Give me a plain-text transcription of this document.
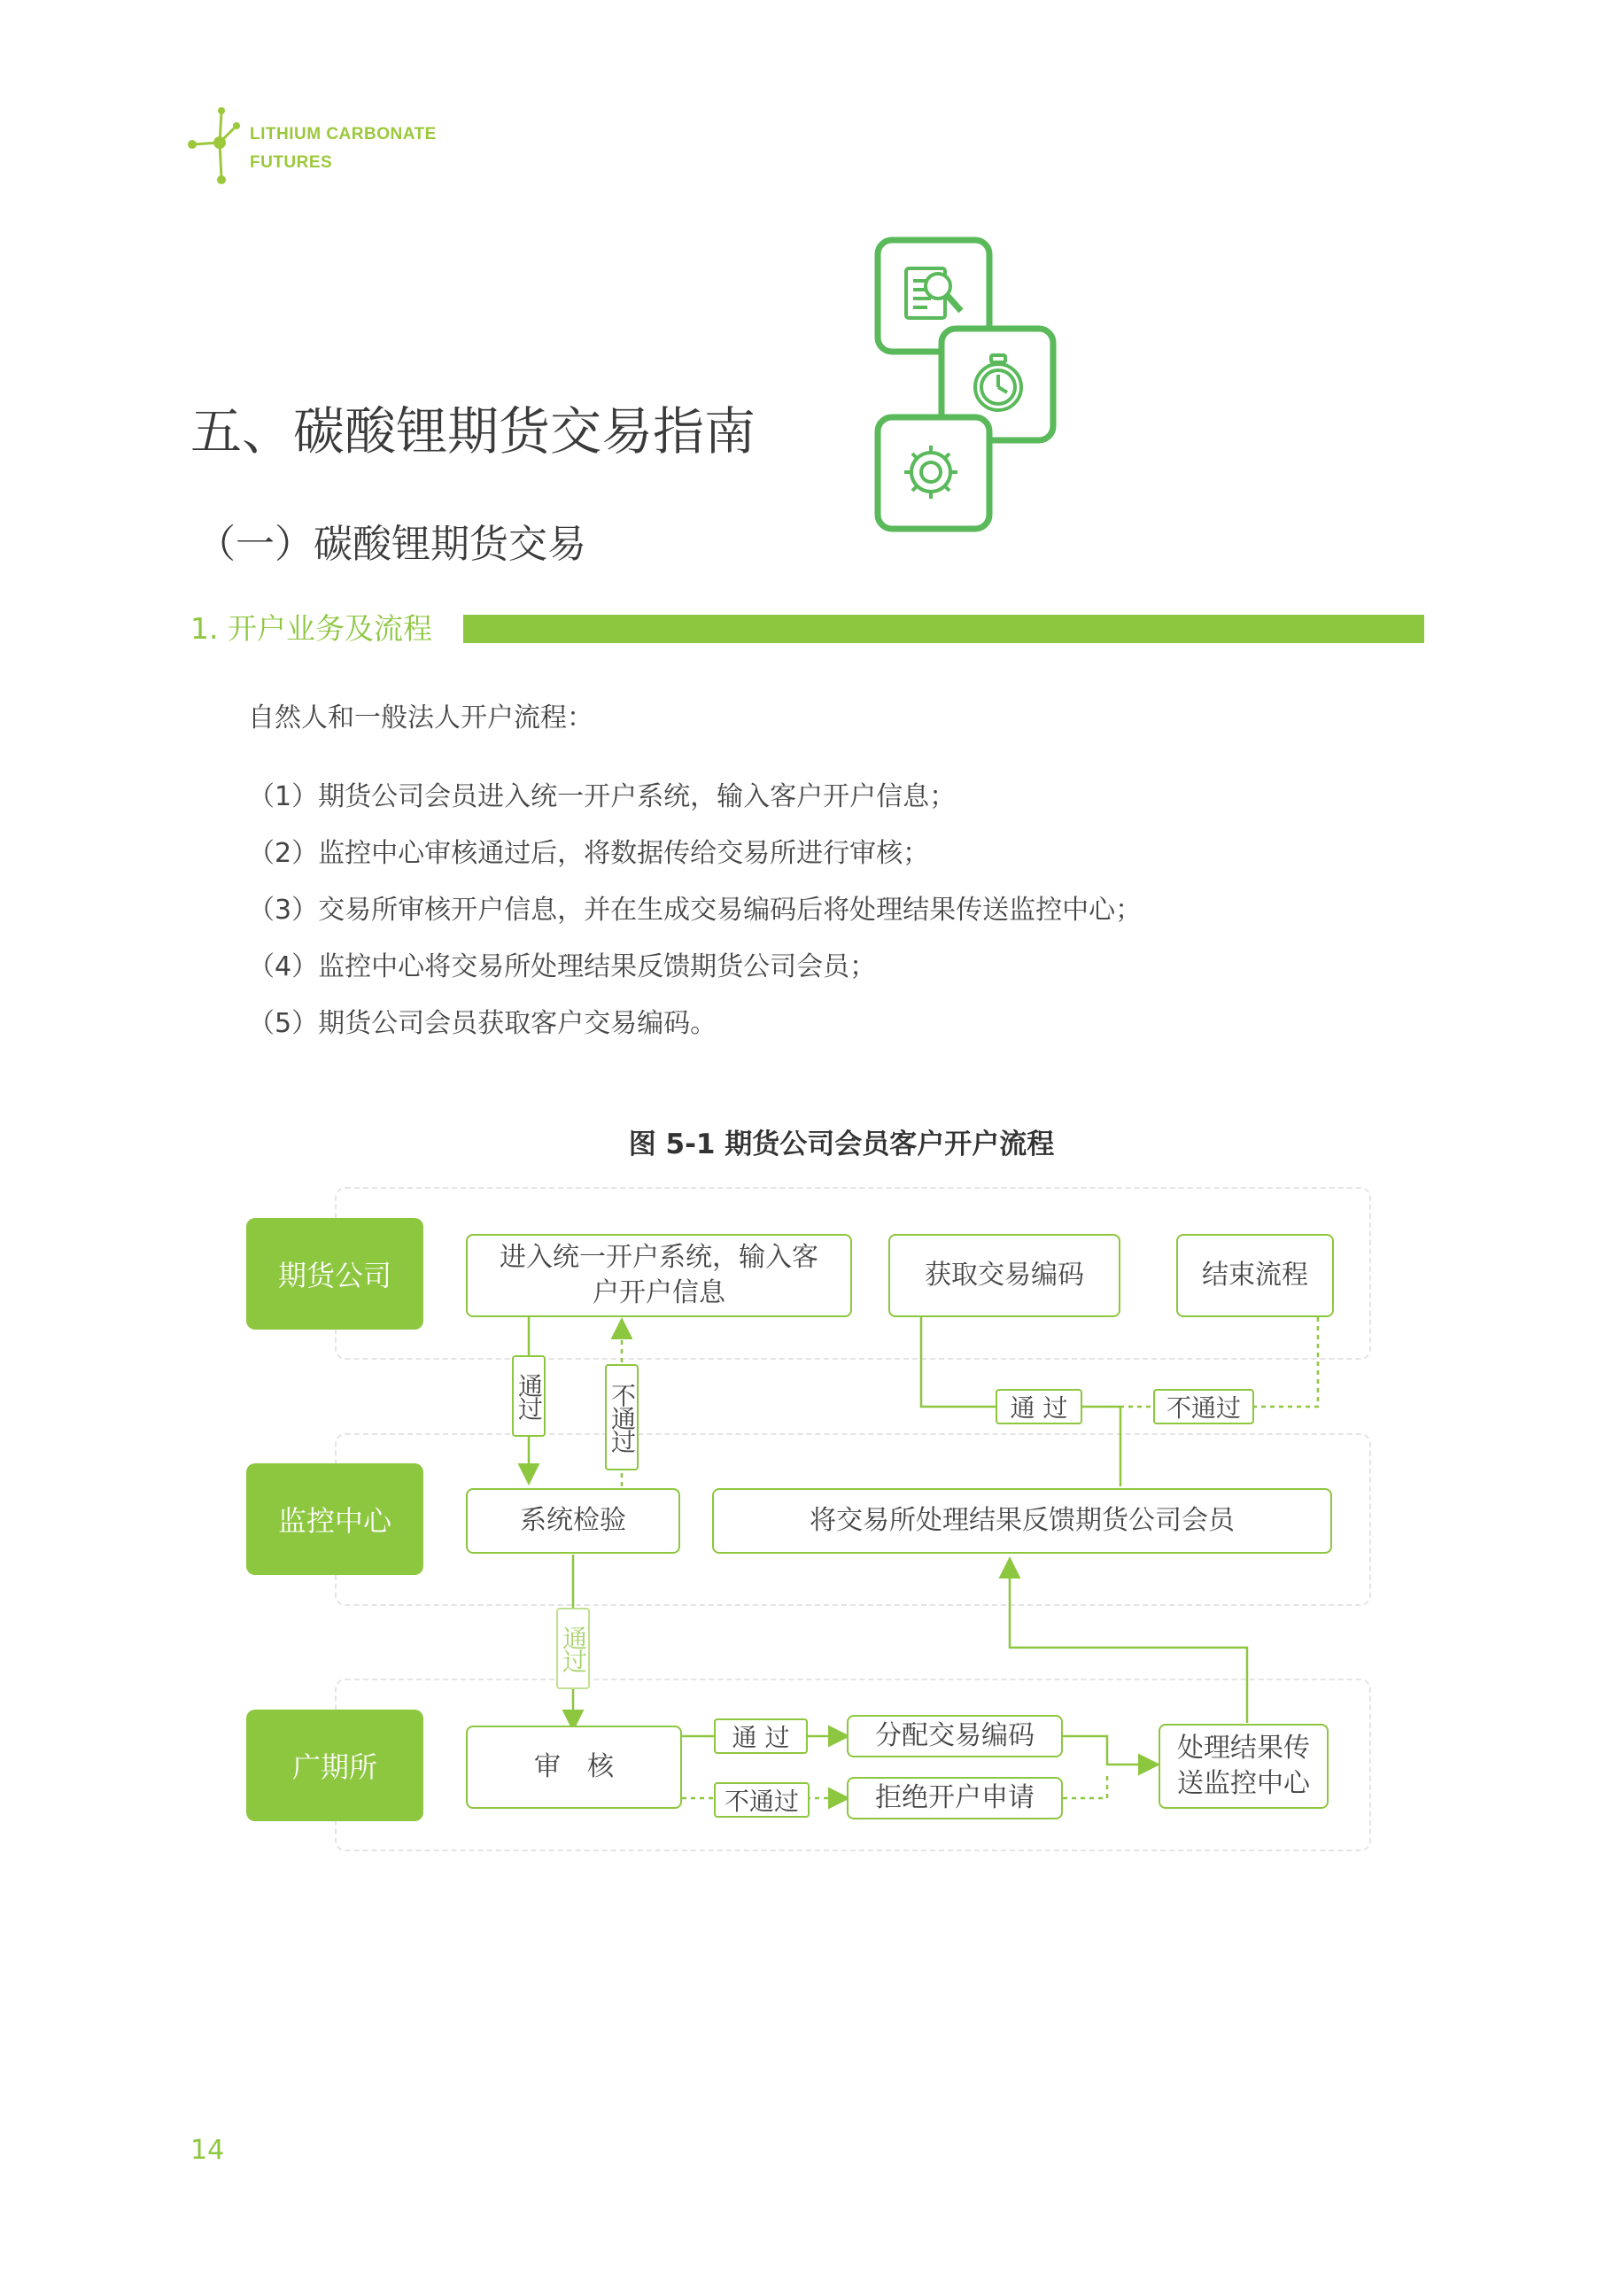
LITHIUM CARBONATE
FUTURES
五、碳酸锂期货交易指南
（一）碳酸锂期货交易
1. 开户业务及流程
自然人和一般法人开户流程：
（1）期货公司会员进入统一开户系统，输入客户开户信息；
（2）监控中心审核通过后，将数据传给交易所进行审核；
（3）交易所审核开户信息，并在生成交易编码后将处理结果传送监控中心；
（4）监控中心将交易所处理结果反馈期货公司会员；
（5）期货公司会员获取客户交易编码。
图 5-1 期货公司会员客户开户流程
期货公司
监控中心
广期所
进入统一开户系统，输入客
户开户信息
获取交易编码	结束流程
系统检验	将交易所处理结果反馈期货公司会员
审　核
分配交易编码
拒绝开户申请
处理结果传
送监控中心
通过	不通过
通过
通 过	不通过
通 过
不通过
14
